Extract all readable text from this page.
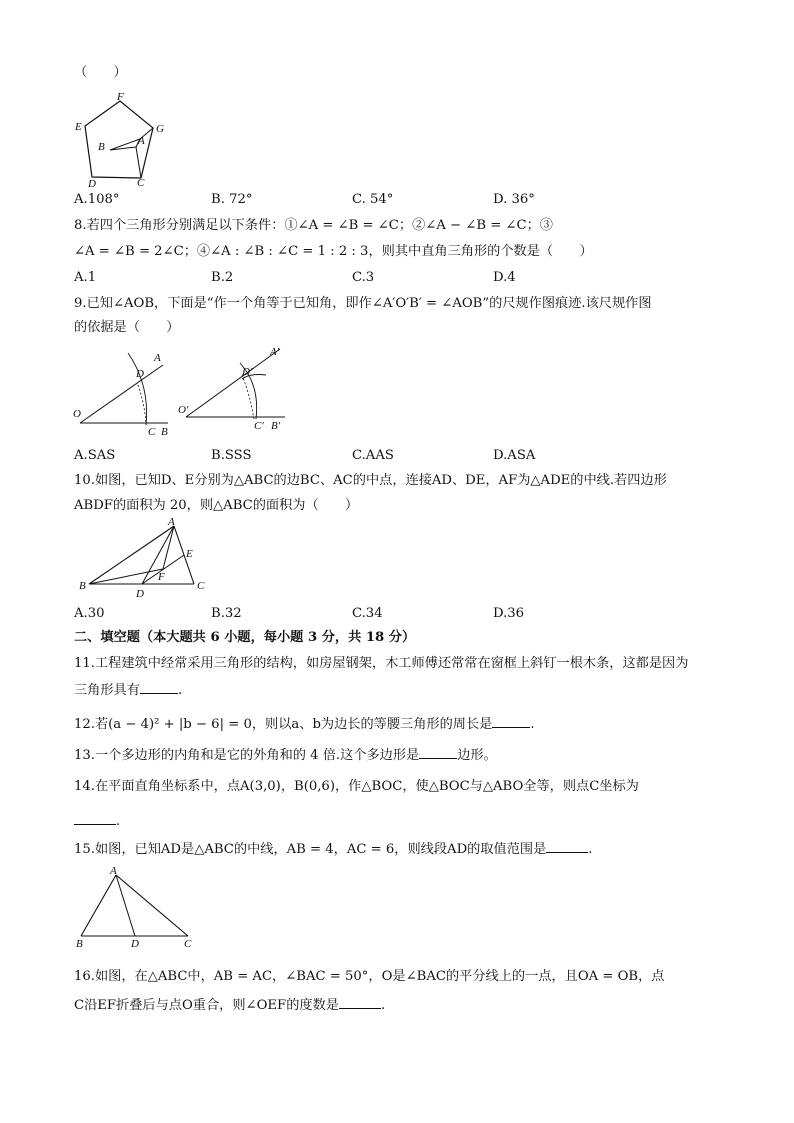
（　　）
F
E	G
B	A
D	C
A.108°	B. 72°	C. 54°	D. 36°
8.若四个三角形分别满足以下条件：①∠A = ∠B = ∠C；②∠A − ∠B = ∠C；③
∠A = ∠B = 2∠C；④∠A : ∠B : ∠C = 1 : 2 : 3，则其中直角三角形的个数是（　　）
A.1	B.2	C.3	D.4
9.已知∠AOB，下面是“作一个角等于已知角，即作∠A′O′B′ = ∠AOB”的尺规作图痕迹.该尺规作图
的依据是（　　）
A
D
O
C B
A′
D′
O′
C′ B′
A.SAS	B.SSS	C.AAS	D.ASA
10.如图，已知D、E分别为△ABC的边BC、AC的中点，连接AD、DE，AF为△ADE的中线.若四边形
ABDF的面积为 20，则△ABC的面积为（　　）
A
E
F
B
D
C
A.30	B.32	C.34	D.36
二、填空题（本大题共 6 小题，每小题 3 分，共 18 分）
11.工程建筑中经常采用三角形的结构，如房屋钢架，木工师傅还常常在窗框上斜钉一根木条，这都是因为
三角形具有	.
12.若(a − 4)² + |b − 6| = 0，则以a、b为边长的等腰三角形的周长是	.
13.一个多边形的内角和是它的外角和的 4 倍.这个多边形是	边形。
14.在平面直角坐标系中，点A(3,0)，B(0,6)，作△BOC，使△BOC与△ABO全等，则点C坐标为
.
15.如图，已知AD是△ABC的中线，AB = 4，AC = 6，则线段AD的取值范围是	.
A
B	D	C
16.如图，在△ABC中，AB = AC，∠BAC = 50°，O是∠BAC的平分线上的一点，且OA = OB，点
C沿EF折叠后与点O重合，则∠OEF的度数是	.
